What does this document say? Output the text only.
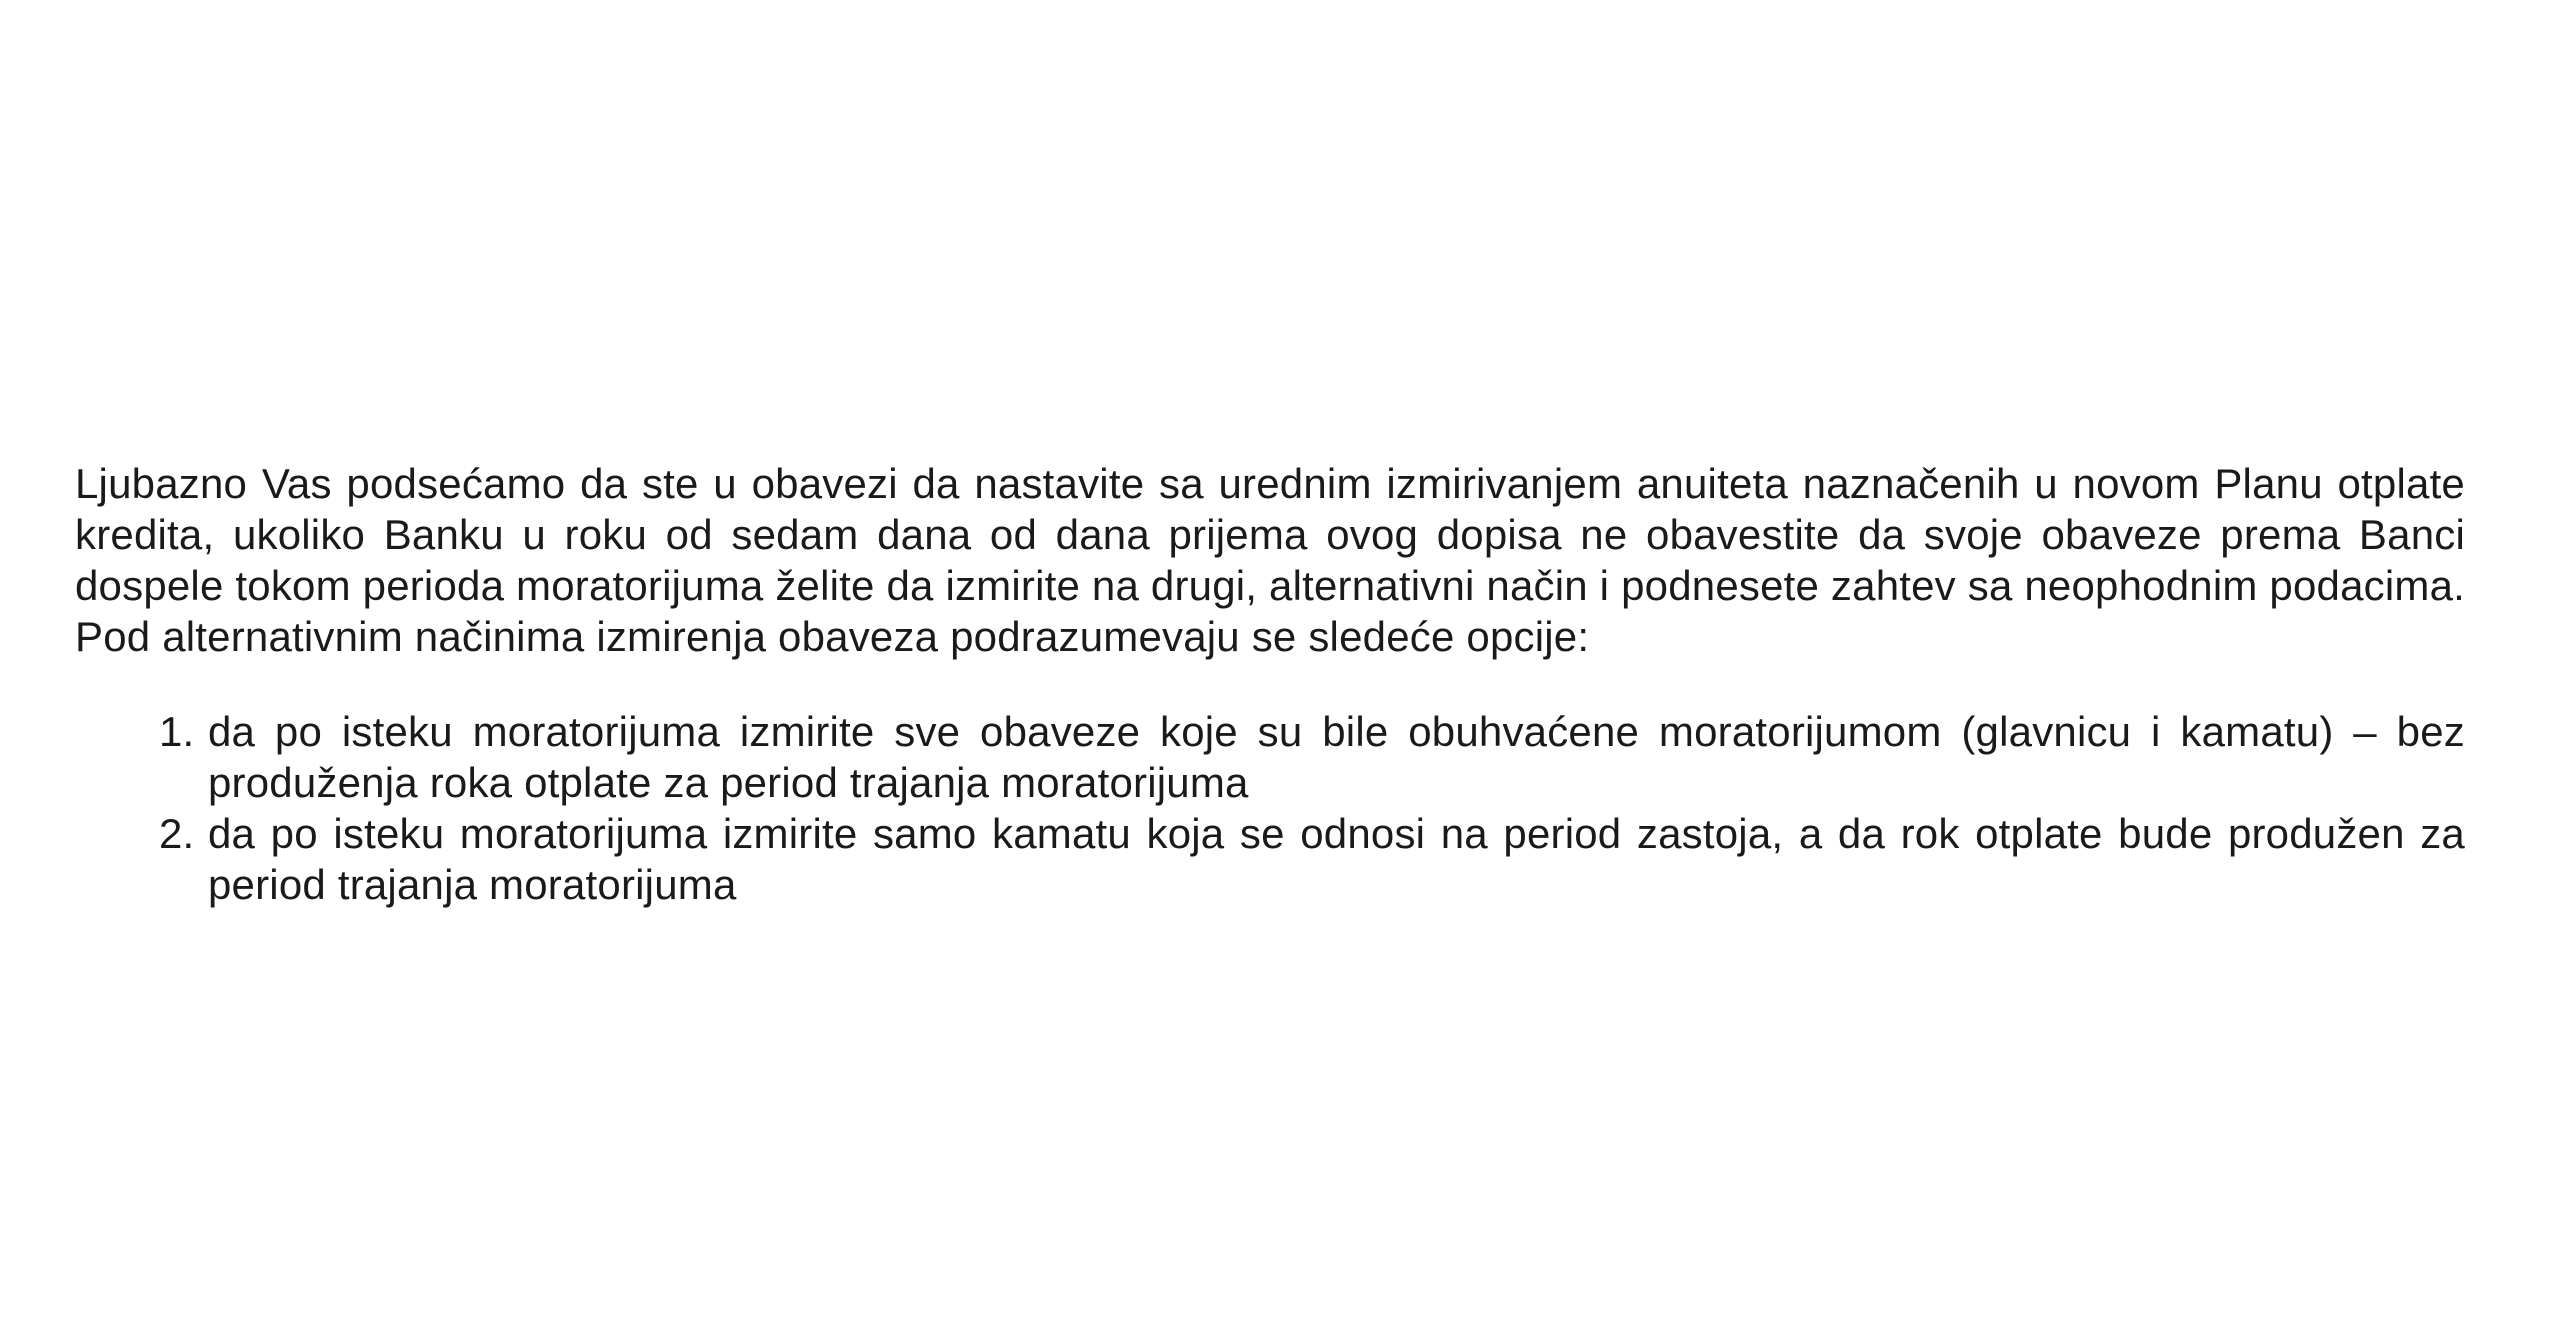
Ljubazno Vas podsećamo da ste u obavezi da nastavite sa urednim izmirivanjem anuiteta naznačenih u novom Planu otplate kredita, ukoliko Banku u roku od sedam dana od dana prijema ovog dopisa ne obavestite da svoje obaveze prema Banci dospele tokom perioda moratorijuma želite da izmirite na drugi, alternativni način i podnesete zahtev sa neophodnim podacima. Pod alternativnim načinima izmirenja obaveza podrazumevaju se sledeće opcije:

1. da po isteku moratorijuma izmirite sve obaveze koje su bile obuhvaćene moratorijumom (glavnicu i kamatu) – bez produženja roka otplate za period trajanja moratorijuma
2. da po isteku moratorijuma izmirite samo kamatu koja se odnosi na period zastoja, a da rok otplate bude produžen za period trajanja moratorijuma
